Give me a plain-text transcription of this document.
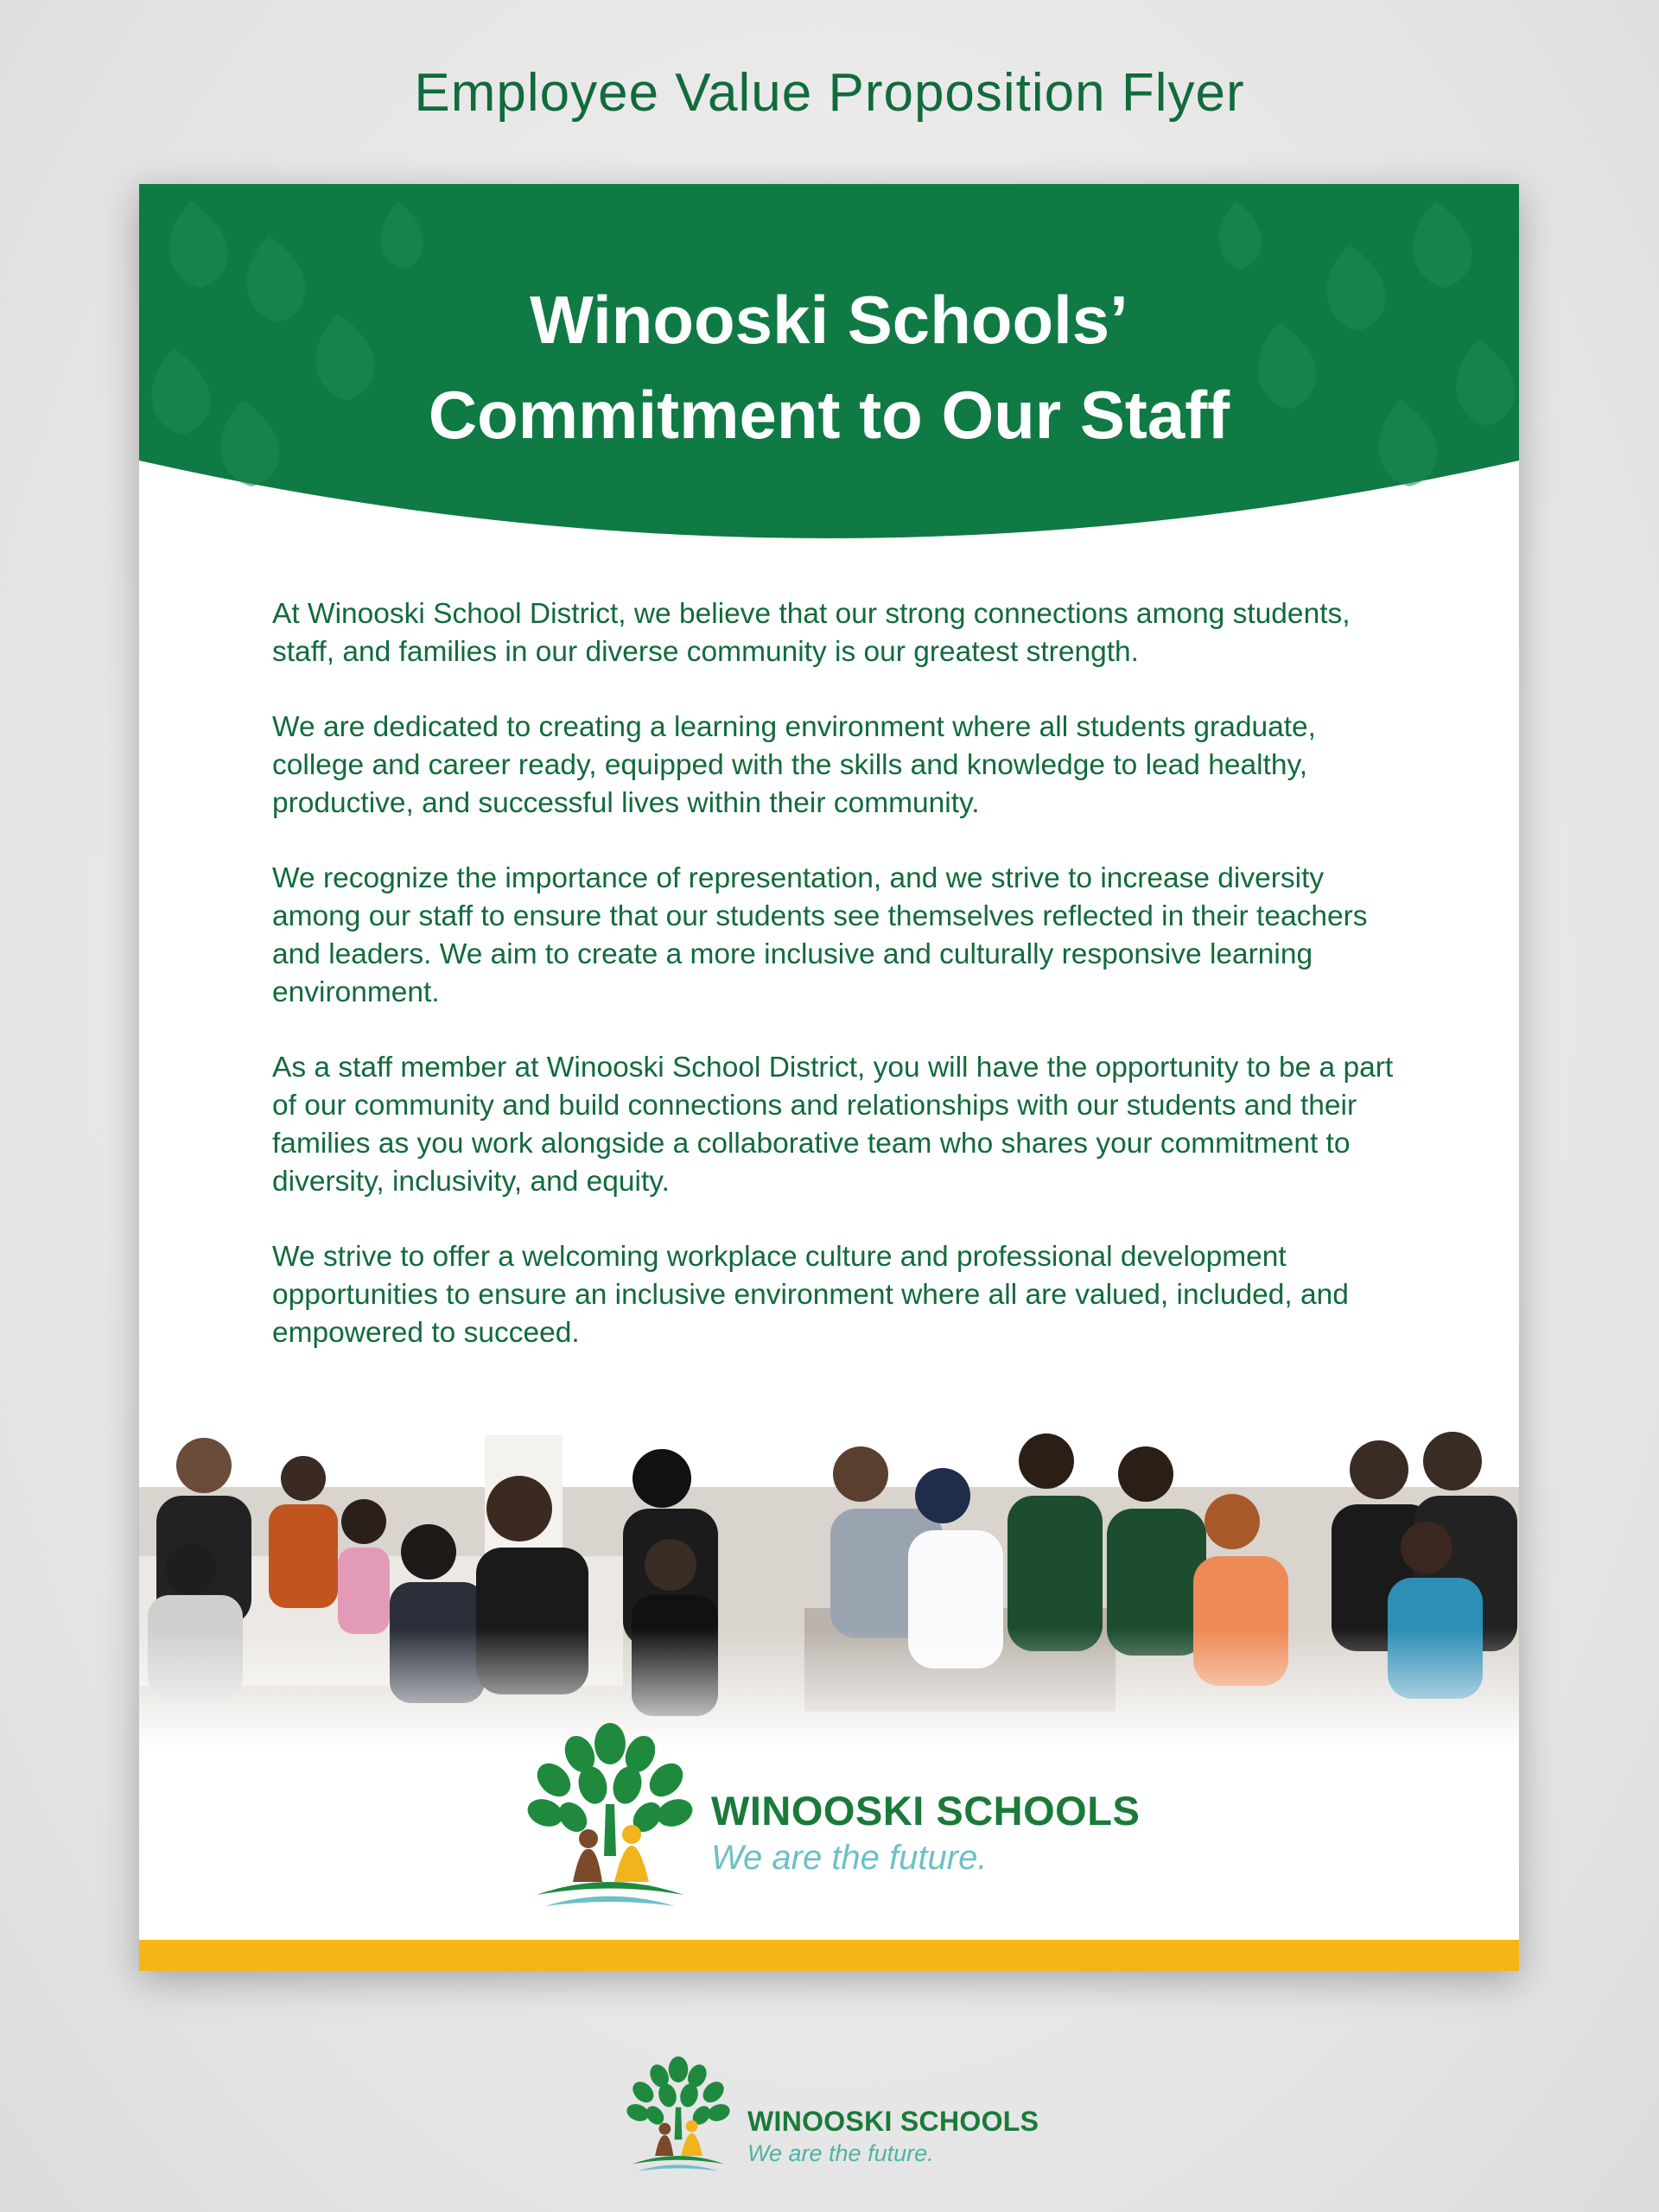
Employee Value Proposition Flyer
Winooski Schools’
Commitment to Our Staff

At Winooski School District, we believe that our strong connections among students, staff, and families in our diverse community is our greatest strength.

We are dedicated to creating a learning environment where all students graduate, college and career ready, equipped with the skills and knowledge to lead healthy, productive, and successful lives within their community.

We recognize the importance of representation, and we strive to increase diversity among our staff to ensure that our students see themselves reflected in their teachers and leaders. We aim to create a more inclusive and culturally responsive learning environment.

As a staff member at Winooski School District, you will have the opportunity to be a part of our community and build connections and relationships with our students and their families as you work alongside a collaborative team who shares your commitment to diversity, inclusivity, and equity.

We strive to offer a welcoming workplace culture and professional development opportunities to ensure an inclusive environment where all are valued, included, and empowered to succeed.

WINOOSKI SCHOOLS
We are the future.
WINOOSKI SCHOOLS
We are the future.
